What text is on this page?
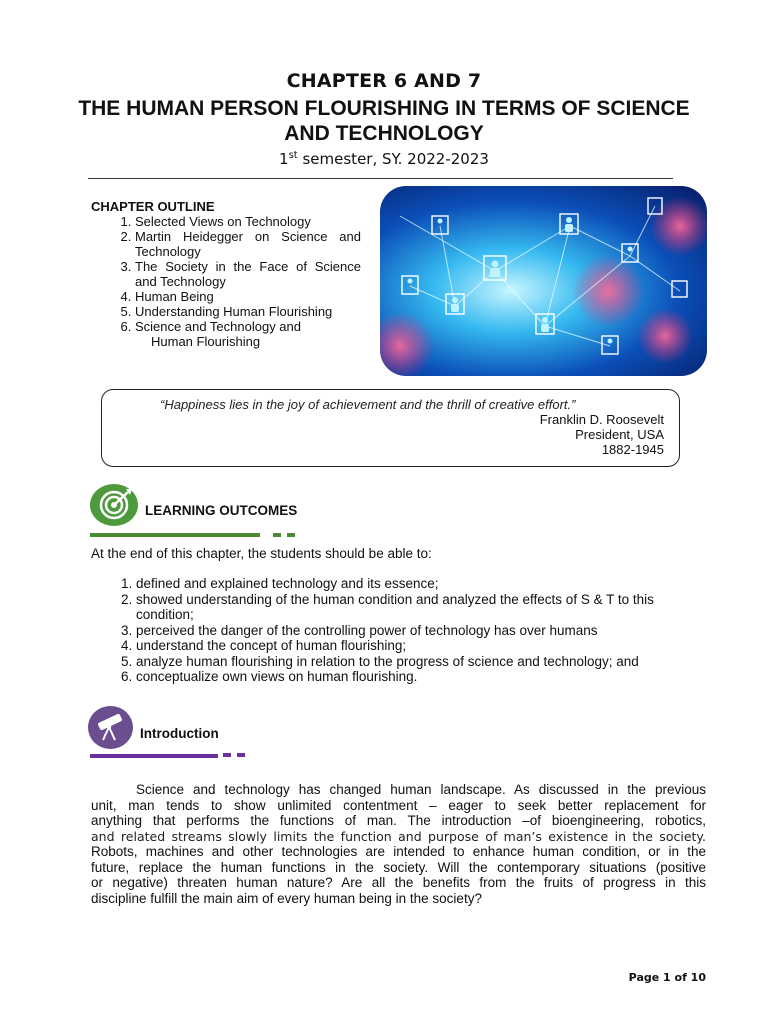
CHAPTER 6 AND 7
THE HUMAN PERSON FLOURISHING IN TERMS OF SCIENCE AND TECHNOLOGY
1st semester, SY. 2022-2023
CHAPTER OUTLINE
1. Selected Views on Technology
2. Martin Heidegger on Science and Technology
3. The Society in the Face of Science and Technology
4. Human Being
5. Understanding Human Flourishing
6. Science and Technology and
Human Flourishing
“Happiness lies in the joy of achievement and the thrill of creative effort.”
Franklin D. Roosevelt
President, USA
1882-1945
LEARNING OUTCOMES
At the end of this chapter, the students should be able to:
1. defined and explained technology and its essence;
2. showed understanding of the human condition and analyzed the effects of S & T to this condition;
3. perceived the danger of the controlling power of technology has over humans
4. understand the concept of human flourishing;
5. analyze human flourishing in relation to the progress of science and technology; and
6. conceptualize own views on human flourishing.
Introduction
Science and technology has changed human landscape. As discussed in the previous
unit, man tends to show unlimited contentment – eager to seek better replacement for
anything that performs the functions of man. The introduction –of bioengineering, robotics,
and related streams slowly limits the function and purpose of man’s existence in the society.
Robots, machines and other technologies are intended to enhance human condition, or in the
future, replace the human functions in the society. Will the contemporary situations (positive
or negative) threaten human nature? Are all the benefits from the fruits of progress in this
discipline fulfill the main aim of every human being in the society?
Page 1 of 10
